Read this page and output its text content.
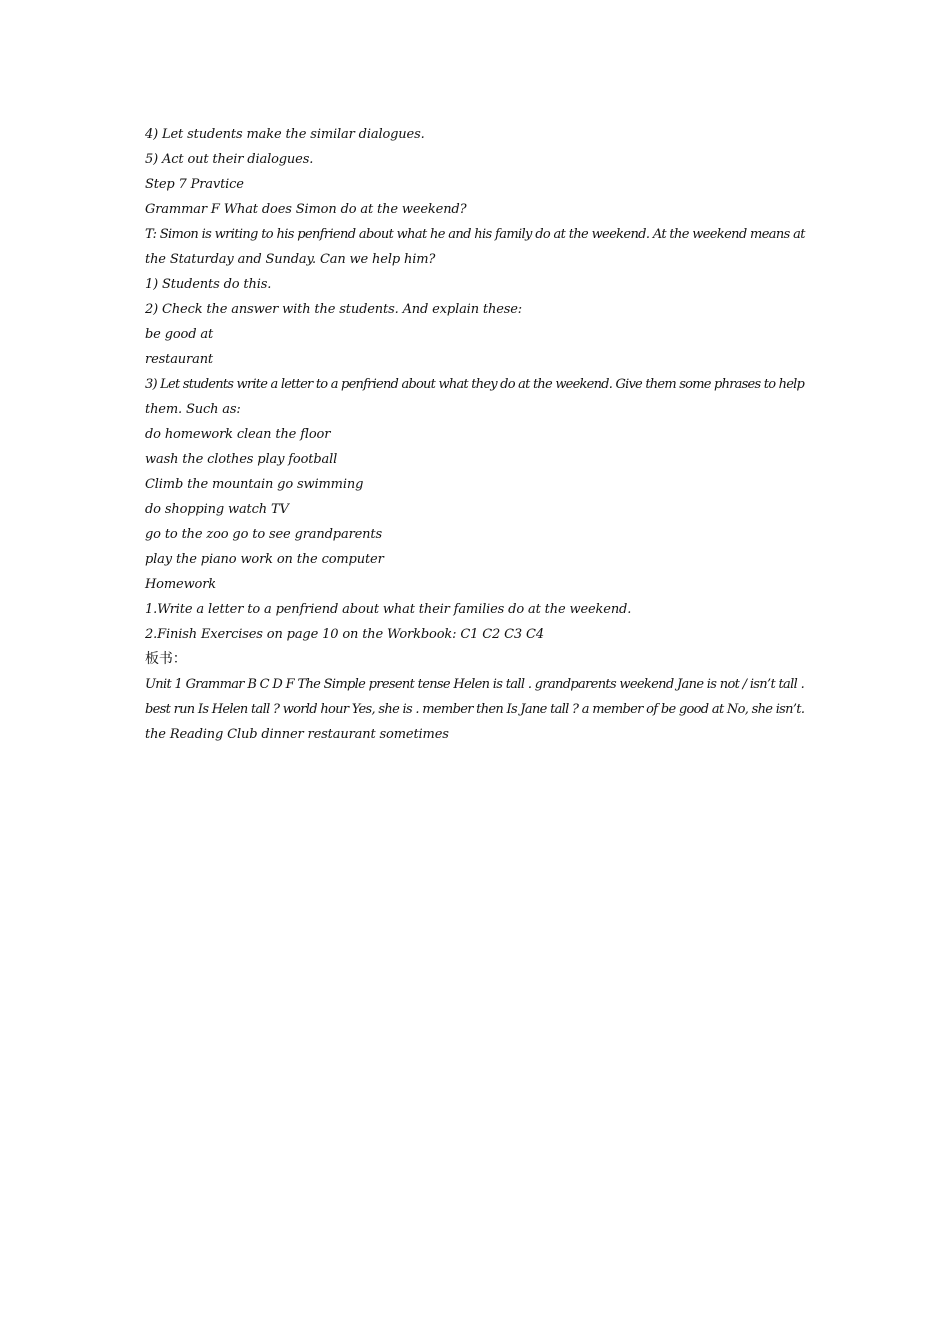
4) Let students make the similar dialogues.
5) Act out their dialogues.
Step 7 Pravtice
Grammar F What does Simon do at the weekend?
T: Simon is writing to his penfriend about what he and his family do at the weekend. At the weekend means at
the Staturday and Sunday. Can we help him?
1) Students do this.
2) Check the answer with the students. And explain these:
be good at
restaurant
3) Let students write a letter to a penfriend about what they do at the weekend. Give them some phrases to help
them. Such as:
do homework clean the floor
wash the clothes play football
Climb the mountain go swimming
do shopping watch TV
go to the zoo go to see grandparents
play the piano work on the computer
Homework
1.Write a letter to a penfriend about what their families do at the weekend.
2.Finish Exercises on page 10 on the Workbook: C1 C2 C3 C4
板书：
Unit 1 Grammar B C D F The Simple present tense Helen is tall . grandparents weekend Jane is not / isn’t tall .
best run Is Helen tall ? world hour Yes, she is . member then Is Jane tall ? a member of be good at No, she isn’t.
the Reading Club dinner restaurant sometimes
